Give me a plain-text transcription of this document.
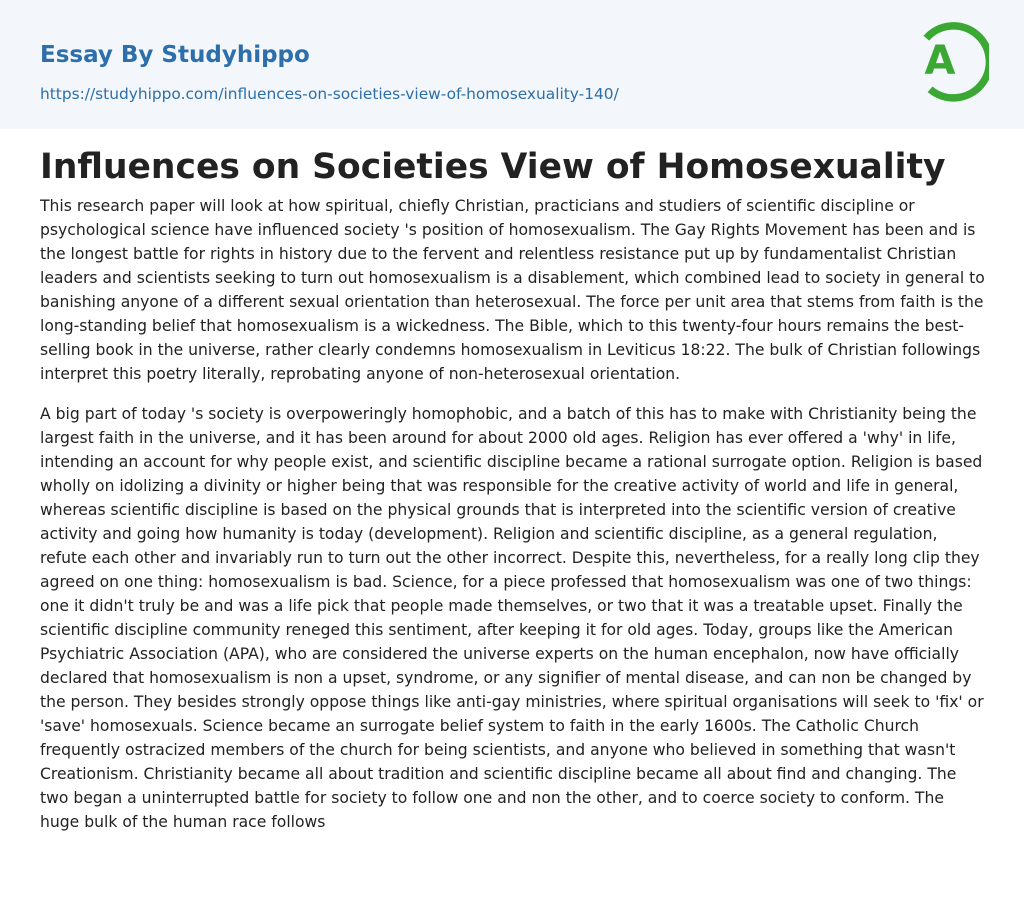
Essay By Studyhippo
https://studyhippo.com/influences-on-societies-view-of-homosexuality-140/
A
Influences on Societies View of Homosexuality

This research paper will look at how spiritual, chiefly Christian, practicians and studiers of scientific discipline or psychological science have influenced society 's position of homosexualism. The Gay Rights Movement has been and is the longest battle for rights in history due to the fervent and relentless resistance put up by fundamentalist Christian leaders and scientists seeking to turn out homosexualism is a disablement, which combined lead to society in general to banishing anyone of a different sexual orientation than heterosexual. The force per unit area that stems from faith is the long-standing belief that homosexualism is a wickedness. The Bible, which to this twenty-four hours remains the best-selling book in the universe, rather clearly condemns homosexualism in Leviticus 18:22. The bulk of Christian followings interpret this poetry literally, reprobating anyone of non-heterosexual orientation.

A big part of today 's society is overpoweringly homophobic, and a batch of this has to make with Christianity being the largest faith in the universe, and it has been around for about 2000 old ages. Religion has ever offered a 'why' in life, intending an account for why people exist, and scientific discipline became a rational surrogate option. Religion is based wholly on idolizing a divinity or higher being that was responsible for the creative activity of world and life in general, whereas scientific discipline is based on the physical grounds that is interpreted into the scientific version of creative activity and going how humanity is today (development). Religion and scientific discipline, as a general regulation, refute each other and invariably run to turn out the other incorrect. Despite this, nevertheless, for a really long clip they agreed on one thing: homosexualism is bad. Science, for a piece professed that homosexualism was one of two things: one it didn't truly be and was a life pick that people made themselves, or two that it was a treatable upset. Finally the scientific discipline community reneged this sentiment, after keeping it for old ages. Today, groups like the American Psychiatric Association (APA), who are considered the universe experts on the human encephalon, now have officially declared that homosexualism is non a upset, syndrome, or any signifier of mental disease, and can non be changed by the person. They besides strongly oppose things like anti-gay ministries, where spiritual organisations will seek to 'fix' or 'save' homosexuals. Science became an surrogate belief system to faith in the early 1600s. The Catholic Church frequently ostracized members of the church for being scientists, and anyone who believed in something that wasn't Creationism. Christianity became all about tradition and scientific discipline became all about find and changing. The two began a uninterrupted battle for society to follow one and non the other, and to coerce society to conform. The huge bulk of the human race follows
